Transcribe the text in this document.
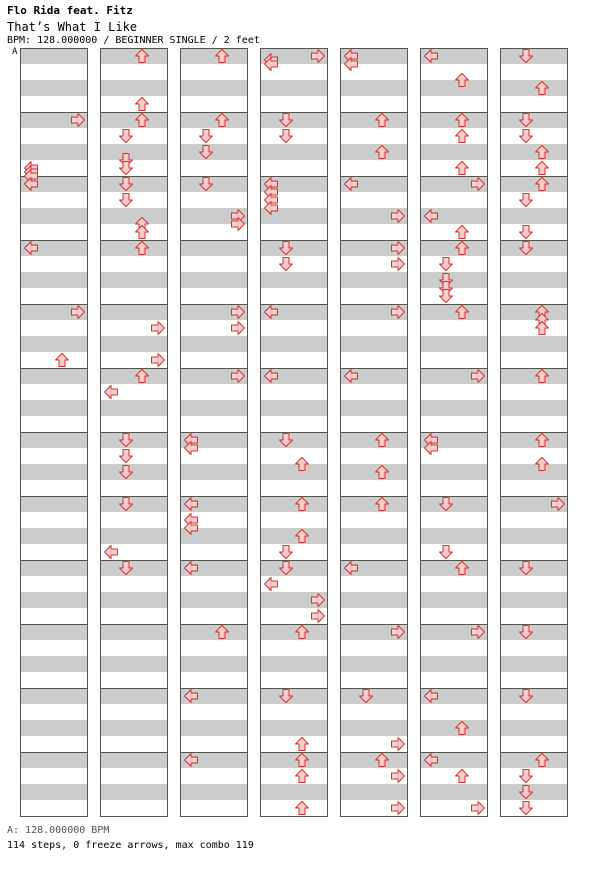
Flo Rida feat. Fitz
That’s What I Like
BPM: 128.000000 / BEGINNER SINGLE / 2 feet
A
A: 128.000000 BPM
114 steps, 0 freeze arrows, max combo 119
